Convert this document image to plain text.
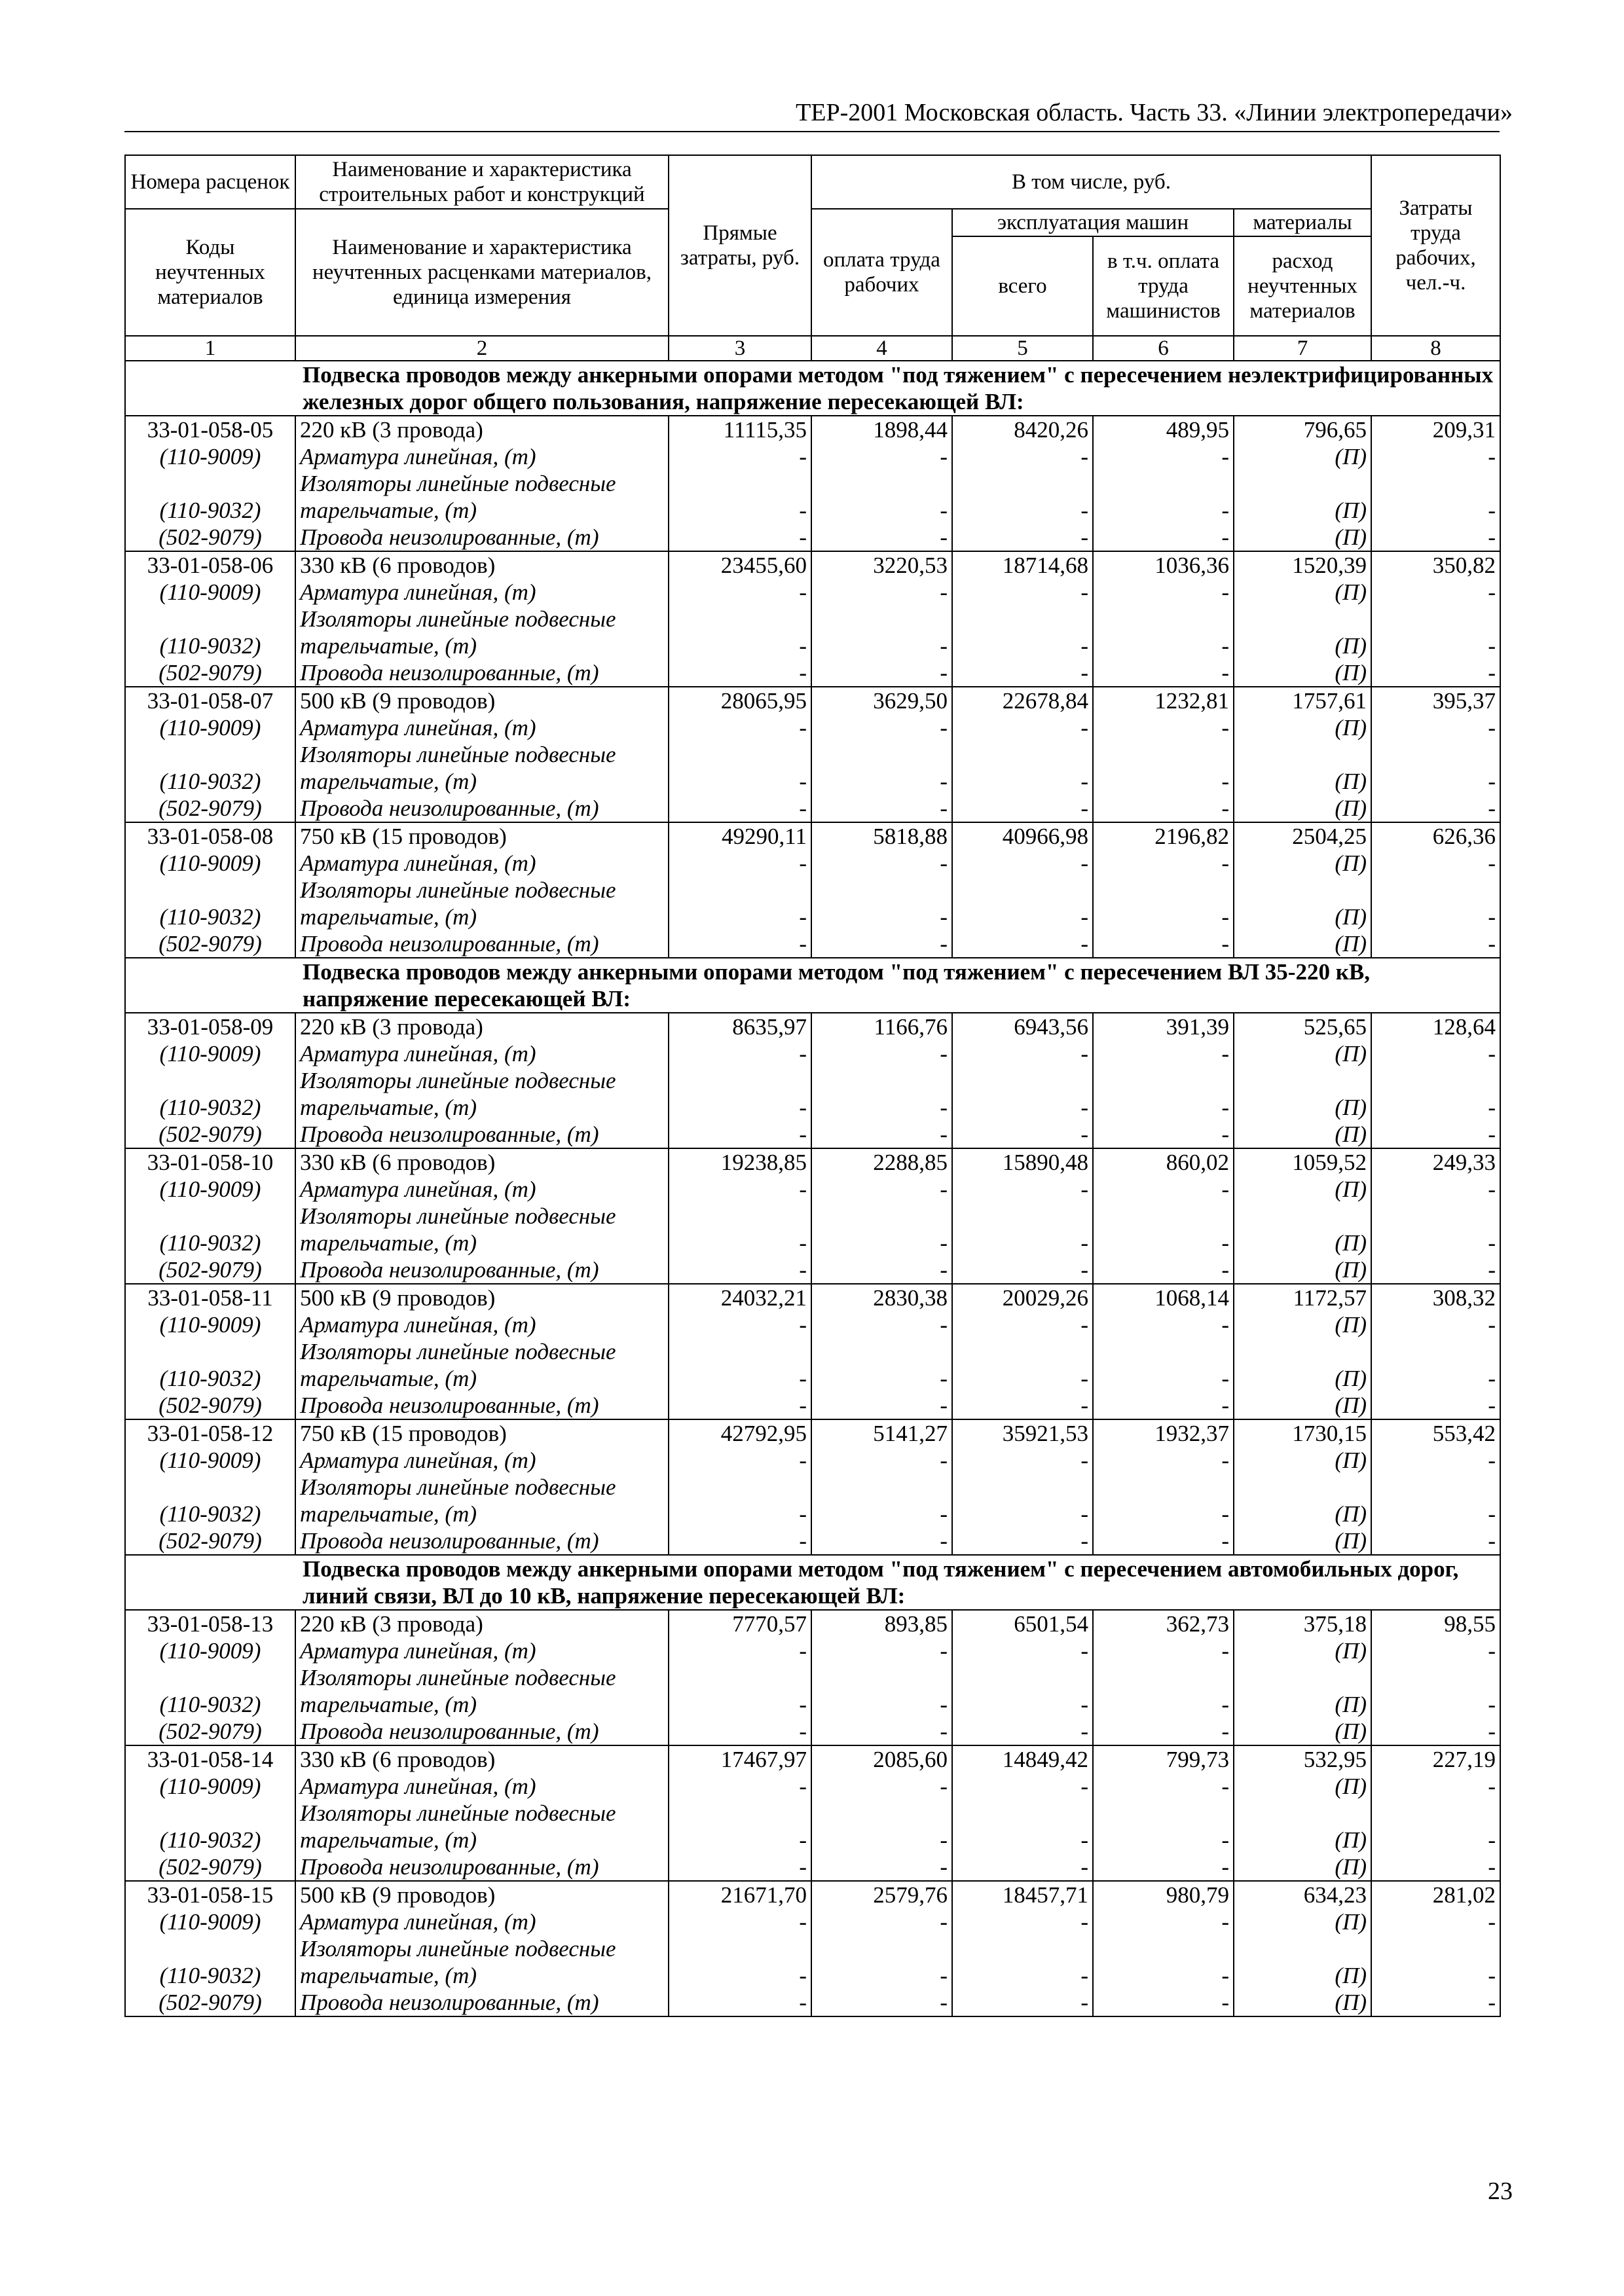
ТЕР-2001 Московская область. Часть 33. «Линии электропередачи»
Номера расценок	Наименование и характеристика строительных работ и конструкций	Прямые затраты, руб.	В том числе, руб.				Затраты труда рабочих, чел.-ч.
Коды неучтенных материалов	Наименование и характеристика неучтенных расценками материалов, единица измерения		оплата труда рабочих	эксплуатация машин		материалы	
				всего	в т.ч. оплата труда машинистов	расход неучтенных материалов	
1	2	3	4	5	6	7	8
Подвеска проводов между анкерными опорами методом "под тяжением" с пересечением неэлектрифицированных железных дорог общего пользования, напряжение пересекающей ВЛ:							
33-01-058-05	220 кВ (3 провода)	11115,35	1898,44	8420,26	489,95	796,65	209,31
(110-9009)	Арматура линейная, (т)	-	-	-	-	(П)	-
	Изоляторы линейные подвесные						
(110-9032)	тарельчатые, (т)	-	-	-	-	(П)	-
(502-9079)	Провода неизолированные, (т)	-	-	-	-	(П)	-
33-01-058-06	330 кВ (6 проводов)	23455,60	3220,53	18714,68	1036,36	1520,39	350,82
(110-9009)	Арматура линейная, (т)	-	-	-	-	(П)	-
	Изоляторы линейные подвесные						
(110-9032)	тарельчатые, (т)	-	-	-	-	(П)	-
(502-9079)	Провода неизолированные, (т)	-	-	-	-	(П)	-
33-01-058-07	500 кВ (9 проводов)	28065,95	3629,50	22678,84	1232,81	1757,61	395,37
(110-9009)	Арматура линейная, (т)	-	-	-	-	(П)	-
	Изоляторы линейные подвесные						
(110-9032)	тарельчатые, (т)	-	-	-	-	(П)	-
(502-9079)	Провода неизолированные, (т)	-	-	-	-	(П)	-
33-01-058-08	750 кВ (15 проводов)	49290,11	5818,88	40966,98	2196,82	2504,25	626,36
(110-9009)	Арматура линейная, (т)	-	-	-	-	(П)	-
	Изоляторы линейные подвесные						
(110-9032)	тарельчатые, (т)	-	-	-	-	(П)	-
(502-9079)	Провода неизолированные, (т)	-	-	-	-	(П)	-
Подвеска проводов между анкерными опорами методом "под тяжением" с пересечением ВЛ 35-220 кВ, напряжение пересекающей ВЛ:							
33-01-058-09	220 кВ (3 провода)	8635,97	1166,76	6943,56	391,39	525,65	128,64
(110-9009)	Арматура линейная, (т)	-	-	-	-	(П)	-
	Изоляторы линейные подвесные						
(110-9032)	тарельчатые, (т)	-	-	-	-	(П)	-
(502-9079)	Провода неизолированные, (т)	-	-	-	-	(П)	-
33-01-058-10	330 кВ (6 проводов)	19238,85	2288,85	15890,48	860,02	1059,52	249,33
(110-9009)	Арматура линейная, (т)	-	-	-	-	(П)	-
	Изоляторы линейные подвесные						
(110-9032)	тарельчатые, (т)	-	-	-	-	(П)	-
(502-9079)	Провода неизолированные, (т)	-	-	-	-	(П)	-
33-01-058-11	500 кВ (9 проводов)	24032,21	2830,38	20029,26	1068,14	1172,57	308,32
(110-9009)	Арматура линейная, (т)	-	-	-	-	(П)	-
	Изоляторы линейные подвесные						
(110-9032)	тарельчатые, (т)	-	-	-	-	(П)	-
(502-9079)	Провода неизолированные, (т)	-	-	-	-	(П)	-
33-01-058-12	750 кВ (15 проводов)	42792,95	5141,27	35921,53	1932,37	1730,15	553,42
(110-9009)	Арматура линейная, (т)	-	-	-	-	(П)	-
	Изоляторы линейные подвесные						
(110-9032)	тарельчатые, (т)	-	-	-	-	(П)	-
(502-9079)	Провода неизолированные, (т)	-	-	-	-	(П)	-
Подвеска проводов между анкерными опорами методом "под тяжением" с пересечением автомобильных дорог, линий связи, ВЛ до 10 кВ, напряжение пересекающей ВЛ:							
33-01-058-13	220 кВ (3 провода)	7770,57	893,85	6501,54	362,73	375,18	98,55
(110-9009)	Арматура линейная, (т)	-	-	-	-	(П)	-
	Изоляторы линейные подвесные						
(110-9032)	тарельчатые, (т)	-	-	-	-	(П)	-
(502-9079)	Провода неизолированные, (т)	-	-	-	-	(П)	-
33-01-058-14	330 кВ (6 проводов)	17467,97	2085,60	14849,42	799,73	532,95	227,19
(110-9009)	Арматура линейная, (т)	-	-	-	-	(П)	-
	Изоляторы линейные подвесные						
(110-9032)	тарельчатые, (т)	-	-	-	-	(П)	-
(502-9079)	Провода неизолированные, (т)	-	-	-	-	(П)	-
33-01-058-15	500 кВ (9 проводов)	21671,70	2579,76	18457,71	980,79	634,23	281,02
(110-9009)	Арматура линейная, (т)	-	-	-	-	(П)	-
	Изоляторы линейные подвесные						
(110-9032)	тарельчатые, (т)	-	-	-	-	(П)	-
(502-9079)	Провода неизолированные, (т)	-	-	-	-	(П)	-
23
